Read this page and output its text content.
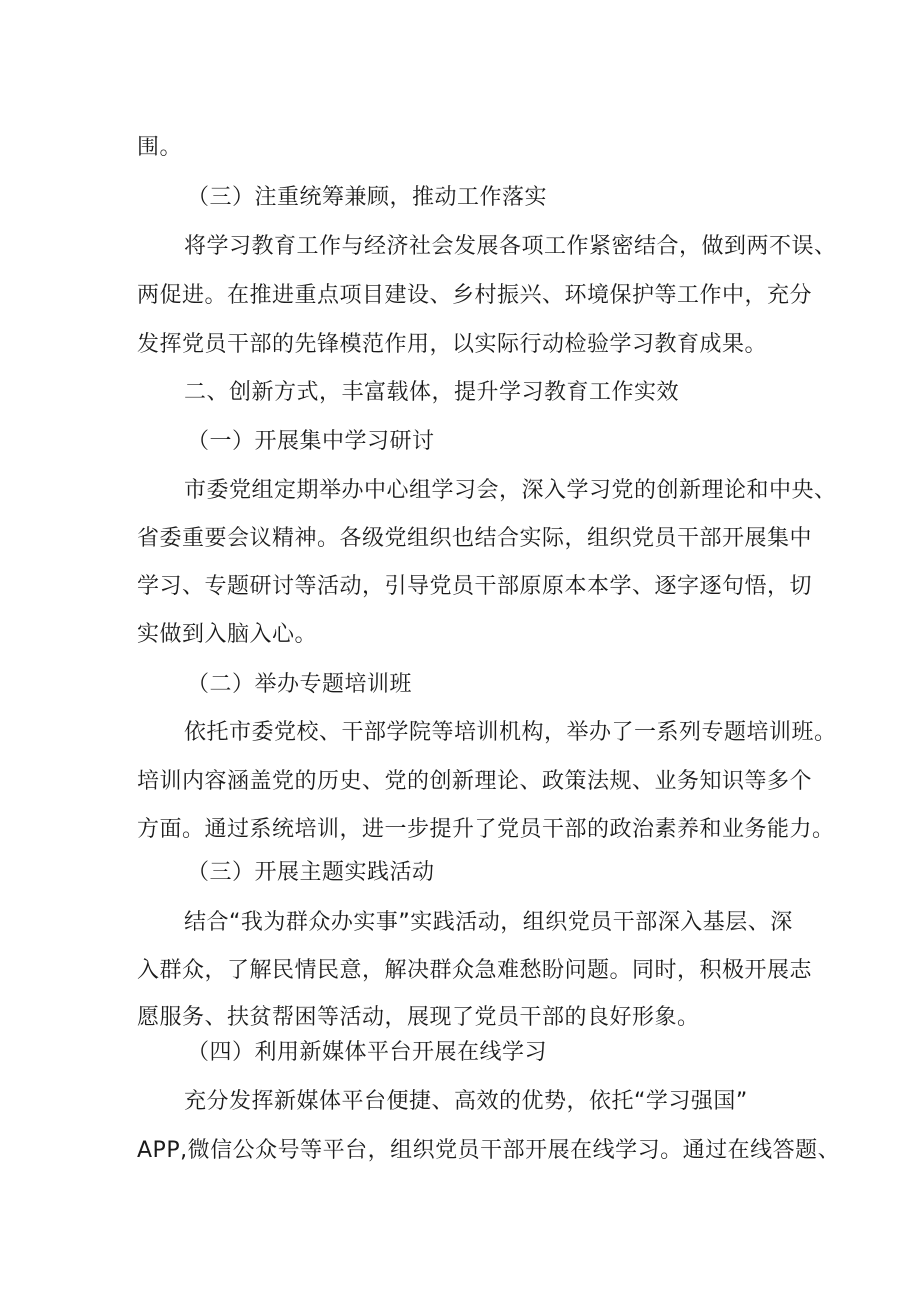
围。
（三）注重统筹兼顾，推动工作落实
将学习教育工作与经济社会发展各项工作紧密结合，做到两不误、
两促进。在推进重点项目建设、乡村振兴、环境保护等工作中，充分
发挥党员干部的先锋模范作用，以实际行动检验学习教育成果。
二、创新方式，丰富载体，提升学习教育工作实效
（一）开展集中学习研讨
市委党组定期举办中心组学习会，深入学习党的创新理论和中央、
省委重要会议精神。各级党组织也结合实际，组织党员干部开展集中
学习、专题研讨等活动，引导党员干部原原本本学、逐字逐句悟，切
实做到入脑入心。
（二）举办专题培训班
依托市委党校、干部学院等培训机构，举办了一系列专题培训班。
培训内容涵盖党的历史、党的创新理论、政策法规、业务知识等多个
方面。通过系统培训，进一步提升了党员干部的政治素养和业务能力。
（三）开展主题实践活动
结合“我为群众办实事”实践活动，组织党员干部深入基层、深
入群众，了解民情民意，解决群众急难愁盼问题。同时，积极开展志
愿服务、扶贫帮困等活动，展现了党员干部的良好形象。
（四）利用新媒体平台开展在线学习
充分发挥新媒体平台便捷、高效的优势，依托“学习强国”
APP,微信公众号等平台，组织党员干部开展在线学习。通过在线答题、
